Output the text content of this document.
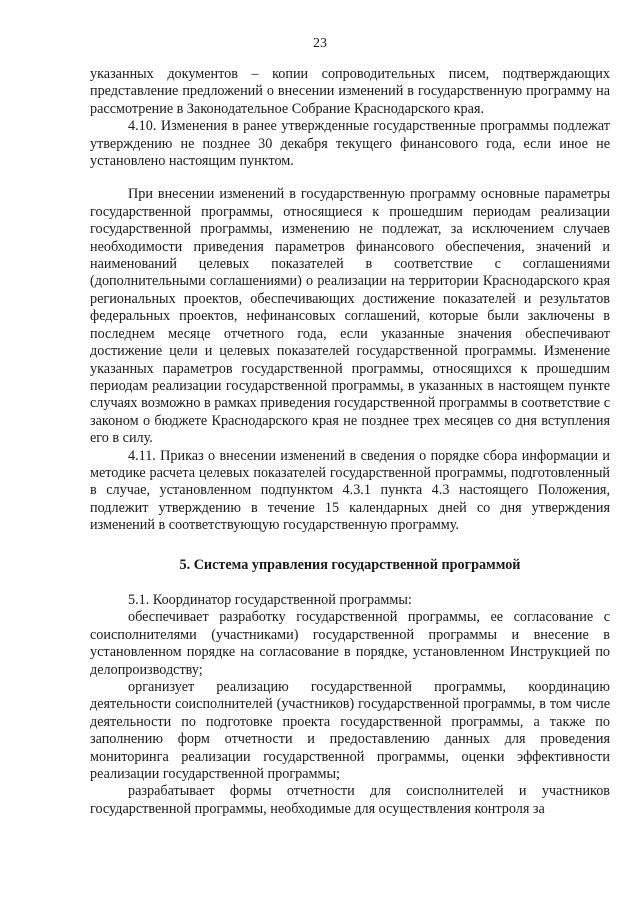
23

указанных документов – копии сопроводительных писем, подтверждающих представление предложений о внесении изменений в государственную программу на рассмотрение в Законодательное Собрание Краснодарского края.

4.10. Изменения в ранее утвержденные государственные программы подлежат утверждению не позднее 30 декабря текущего финансового года, если иное не установлено настоящим пунктом.

При внесении изменений в государственную программу основные параметры государственной программы, относящиеся к прошедшим периодам реализации государственной программы, изменению не подлежат, за исключением случаев необходимости приведения параметров финансового обеспечения, значений и наименований целевых показателей в соответствие с соглашениями (дополнительными соглашениями) о реализации на территории Краснодарского края региональных проектов, обеспечивающих достижение показателей и результатов федеральных проектов, нефинансовых соглашений, которые были заключены в последнем месяце отчетного года, если указанные значения обеспечивают достижение цели и целевых показателей государственной программы. Изменение указанных параметров государственной программы, относящихся к прошедшим периодам реализации государственной программы, в указанных в настоящем пункте случаях возможно в рамках приведения государственной программы в соответствие с законом о бюджете Краснодарского края не позднее трех месяцев со дня вступления его в силу.

4.11. Приказ о внесении изменений в сведения о порядке сбора информации и методике расчета целевых показателей государственной программы, подготовленный в случае, установленном подпунктом 4.3.1 пункта 4.3 настоящего Положения, подлежит утверждению в течение 15 календарных дней со дня утверждения изменений в соответствующую государственную программу.

5. Система управления государственной программой

5.1. Координатор государственной программы:

обеспечивает разработку государственной программы, ее согласование с соисполнителями (участниками) государственной программы и внесение в установленном порядке на согласование в порядке, установленном Инструкцией по делопроизводству;

организует реализацию государственной программы, координацию деятельности соисполнителей (участников) государственной программы, в том числе деятельности по подготовке проекта государственной программы, а также по заполнению форм отчетности и предоставлению данных для проведения мониторинга реализации государственной программы, оценки эффективности реализации государственной программы;

разрабатывает формы отчетности для соисполнителей и участников государственной программы, необходимые для осуществления контроля за
